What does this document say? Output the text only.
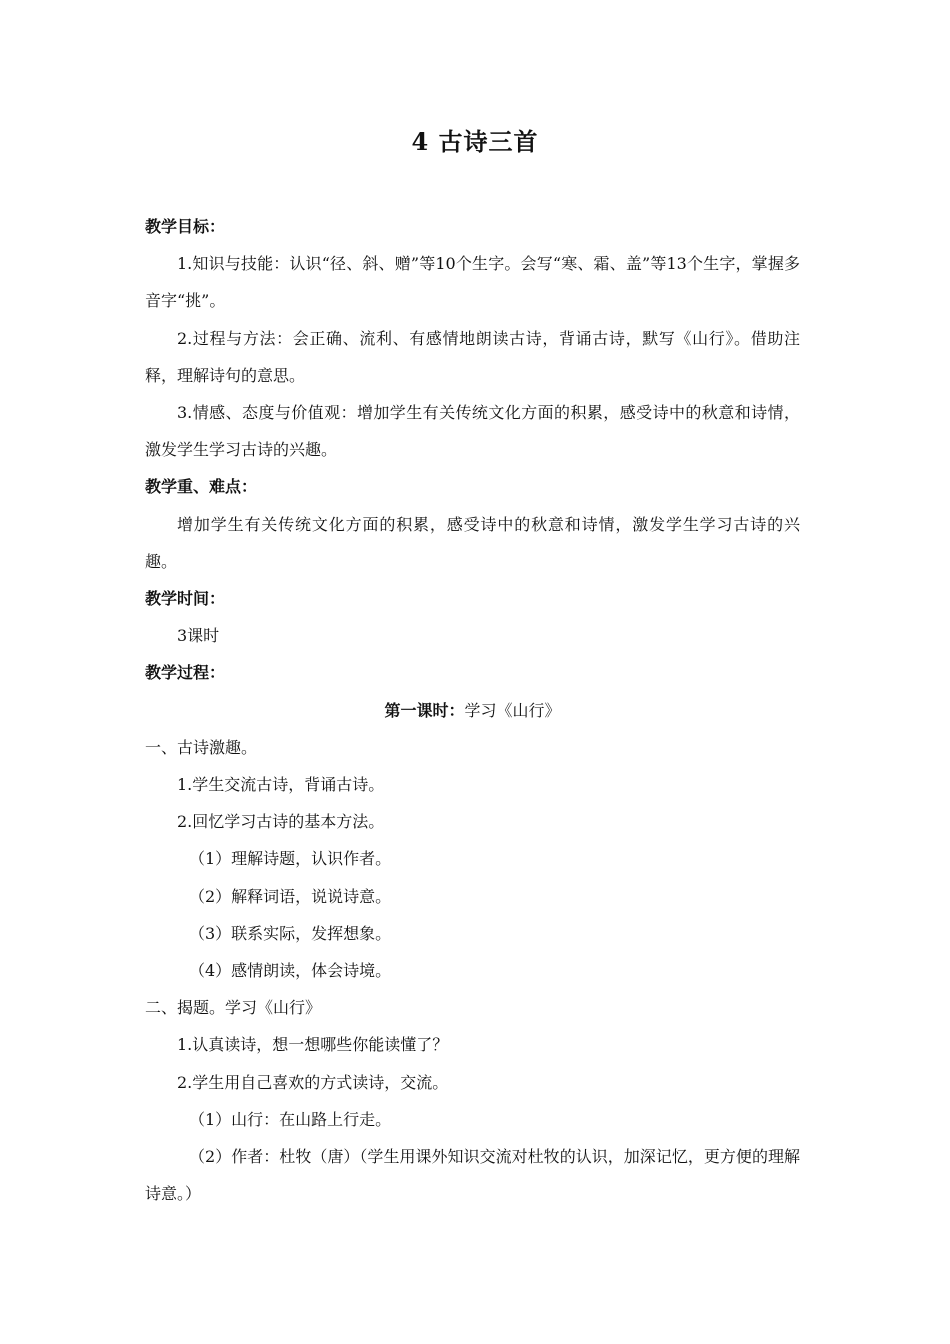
4 古诗三首

教学目标：

1.知识与技能：认识“径、斜、赠”等10个生字。会写“寒、霜、盖”等13个生字，掌握多音字“挑”。

2.过程与方法：会正确、流利、有感情地朗读古诗，背诵古诗，默写《山行》。借助注释，理解诗句的意思。

3.情感、态度与价值观：增加学生有关传统文化方面的积累，感受诗中的秋意和诗情，激发学生学习古诗的兴趣。

教学重、难点：

增加学生有关传统文化方面的积累，感受诗中的秋意和诗情，激发学生学习古诗的兴趣。

教学时间：

3课时

教学过程：

第一课时：学习《山行》

一、古诗激趣。

1.学生交流古诗，背诵古诗。

2.回忆学习古诗的基本方法。

（1）理解诗题，认识作者。

（2）解释词语，说说诗意。

（3）联系实际，发挥想象。

（4）感情朗读，体会诗境。

二、揭题。学习《山行》

1.认真读诗，想一想哪些你能读懂了？

2.学生用自己喜欢的方式读诗，交流。

（1）山行：在山路上行走。

（2）作者：杜牧（唐）（学生用课外知识交流对杜牧的认识，加深记忆，更方便的理解诗意。）
